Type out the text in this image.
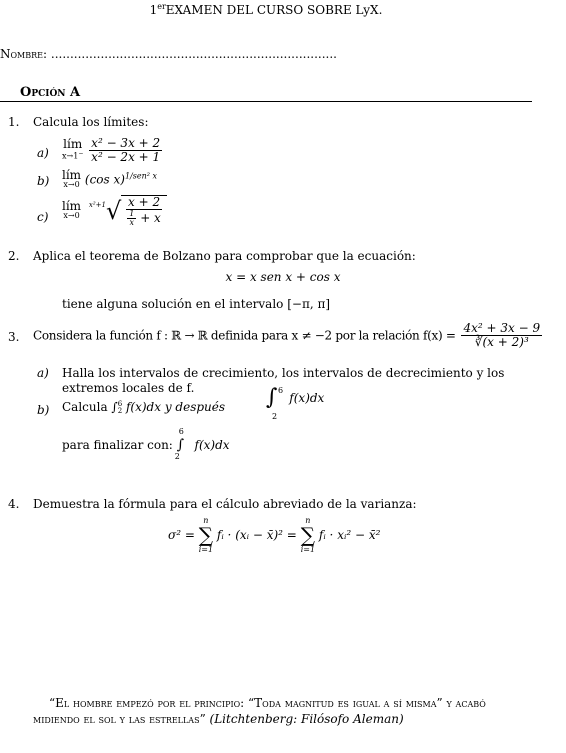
1erEXAMEN DEL CURSO SOBRE LyX.
Nombre: ...........................................................................
Opción A
1. Calcula los límites:
a)
lím
x→1−
$\frac{\text{x² − 3x + 2}}{\text{x² − 2x + 1}}$
b) lím
x→0 (cos x)$^{1/sen^2 x}$
c)
lím
x→0
$^{x^2+1}√ \frac{x + 2}{\frac{1}{x} + x}$
2. Aplica el teorema de Bolzano para comprobar que la ecuación:
x = x sen x + cos x
tiene alguna solución en el intervalo [−π, π]
3. Considera la función f : ℝ → ℝ definida para x ≠ −2 por la relación $f(x) = \frac{\text{4x² + 3x − 9}}{\text{∛(x + 2)³}}$
a) Halla los intervalos de crecimiento, los intervalos de decrecimiento y los extremos locales de f.
b) Calcula ∫ 6
2 f(x)dx y después ∫ 6
2
f(x)dx
para finalizar con:
6
∫
2
f(x)dx
4. Demuestra la fórmula para el cálculo abreviado de la varianza:
σ² =
n
∑
i=1
fᵢ · (xᵢ − x̄)² =
n
∑
i=1
fᵢ · xᵢ² − x̄²
“El hombre empezó por el principio: “Toda magnitud es igual a sí misma” y acabó midiendo el sol y las estrellas” (Litchtenberg: Filósofo Aleman)
